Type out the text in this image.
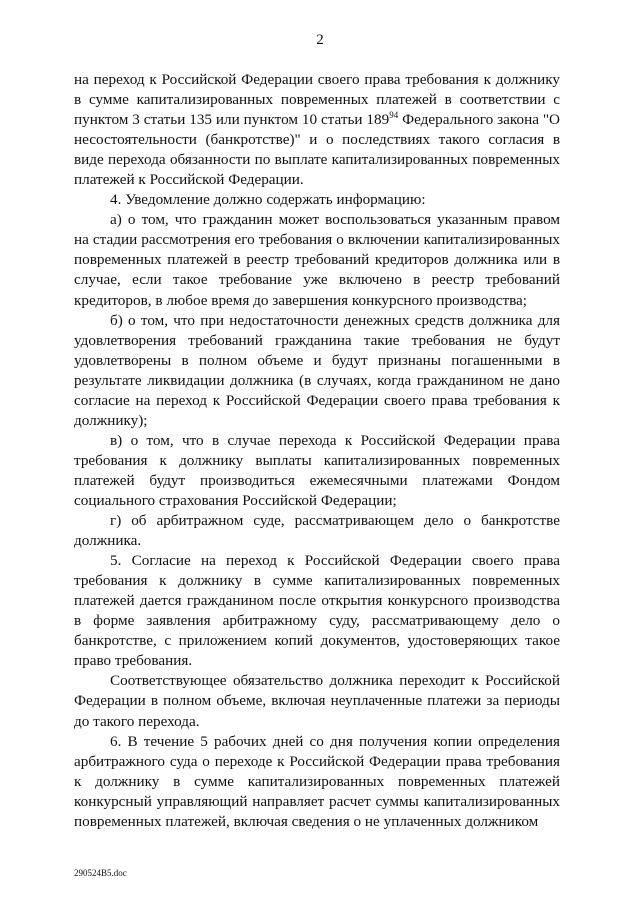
2

на переход к Российской Федерации своего права требования к должнику в сумме капитализированных повременных платежей в соответствии с пунктом 3 статьи 135 или пунктом 10 статьи $189^{94}$ Федерального закона "О несостоятельности (банкротстве)" и о последствиях такого согласия в виде перехода обязанности по выплате капитализированных повременных платежей к Российской Федерации.

4. Уведомление должно содержать информацию:

а) о том, что гражданин может воспользоваться указанным правом на стадии рассмотрения его требования о включении капитализированных повременных платежей в реестр требований кредиторов должника или в случае, если такое требование уже включено в реестр требований кредиторов, в любое время до завершения конкурсного производства;

б) о том, что при недостаточности денежных средств должника для удовлетворения требований гражданина такие требования не будут удовлетворены в полном объеме и будут признаны погашенными в результате ликвидации должника (в случаях, когда гражданином не дано согласие на переход к Российской Федерации своего права требования к должнику);

в) о том, что в случае перехода к Российской Федерации права требования к должнику выплаты капитализированных повременных платежей будут производиться ежемесячными платежами Фондом социального страхования Российской Федерации;

г) об арбитражном суде, рассматривающем дело о банкротстве должника.

5. Согласие на переход к Российской Федерации своего права требования к должнику в сумме капитализированных повременных платежей дается гражданином после открытия конкурсного производства в форме заявления арбитражному суду, рассматривающему дело о банкротстве, с приложением копий документов, удостоверяющих такое право требования.

Соответствующее обязательство должника переходит к Российской Федерации в полном объеме, включая неуплаченные платежи за периоды до такого перехода.

6. В течение 5 рабочих дней со дня получения копии определения арбитражного суда о переходе к Российской Федерации права требования к должнику в сумме капитализированных повременных платежей конкурсный управляющий направляет расчет суммы капитализированных повременных платежей, включая сведения о не уплаченных должником

290524B5.doc
